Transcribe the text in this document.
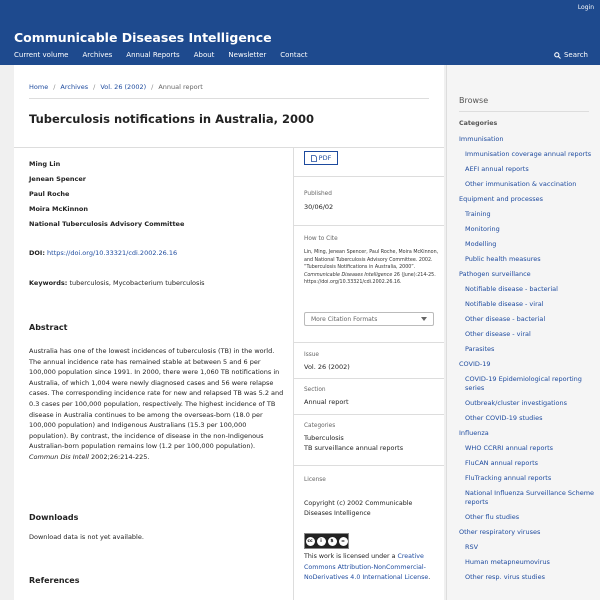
Login
Communicable Diseases Intelligence
Current volume Archives Annual Reports About Newsletter Contact	Search
Home / Archives / Vol. 26 (2002) / Annual report
Tuberculosis notifications in Australia, 2000
Ming Lin
Jenean Spencer
Paul Roche
Moira McKinnon
National Tuberculosis Advisory Committee
DOI: https://doi.org/10.33321/cdi.2002.26.16
Keywords: tuberculosis, Mycobacterium tuberculosis
Abstract

Australia has one of the lowest incidences of tuberculosis (TB) in the world. The annual incidence rate has remained stable at between 5 and 6 per 100,000 population since 1991. In 2000, there were 1,060 TB notifications in Australia, of which 1,004 were newly diagnosed cases and 56 were relapse cases. The corresponding incidence rate for new and relapsed TB was 5.2 and 0.3 cases per 100,000 population, respectively. The highest incidence of TB disease in Australia continues to be among the overseas-born (18.0 per 100,000 population) and Indigenous Australians (15.3 per 100,000 population). By contrast, the incidence of disease in the non-Indigenous Australian-born population remains low (1.2 per 100,000 population). Commun Dis Intell 2002;26:214-225.

Downloads
Download data is not yet available.
References
PDF
Published
30/06/02
How to Cite
Lin, Ming, Jenean Spencer, Paul Roche, Moira McKinnon, and National Tuberculosis Advisory Committee. 2002. “Tuberculosis Notifications in Australia, 2000”. Communicable Diseases Intelligence 26 (June):214-25. https://doi.org/10.33321/cdi.2002.26.16.
More Citation Formats
Issue
Vol. 26 (2002)
Section
Annual report
Categories
Tuberculosis
TB surveillance annual reports
License
Copyright (c) 2002 Communicable Diseases Intelligence
cc	i	$	=
This work is licensed under a Creative Commons Attribution-NonCommercial-NoDerivatives 4.0 International License.
Browse
Categories
Immunisation
Immunisation coverage annual reports
AEFI annual reports
Other immunisation & vaccination
Equipment and processes
Training
Monitoring
Modelling
Public health measures
Pathogen surveillance
Notifiable disease - bacterial
Notifiable disease - viral
Other disease - bacterial
Other disease - viral
Parasites
COVID-19
COVID-19 Epidemiological reporting series
Outbreak/cluster investigations
Other COVID-19 studies
Influenza
WHO CCRRI annual reports
FluCAN annual reports
FluTracking annual reports
National Influenza Surveillance Scheme reports
Other flu studies
Other respiratory viruses
RSV
Human metapneumovirus
Other resp. virus studies
